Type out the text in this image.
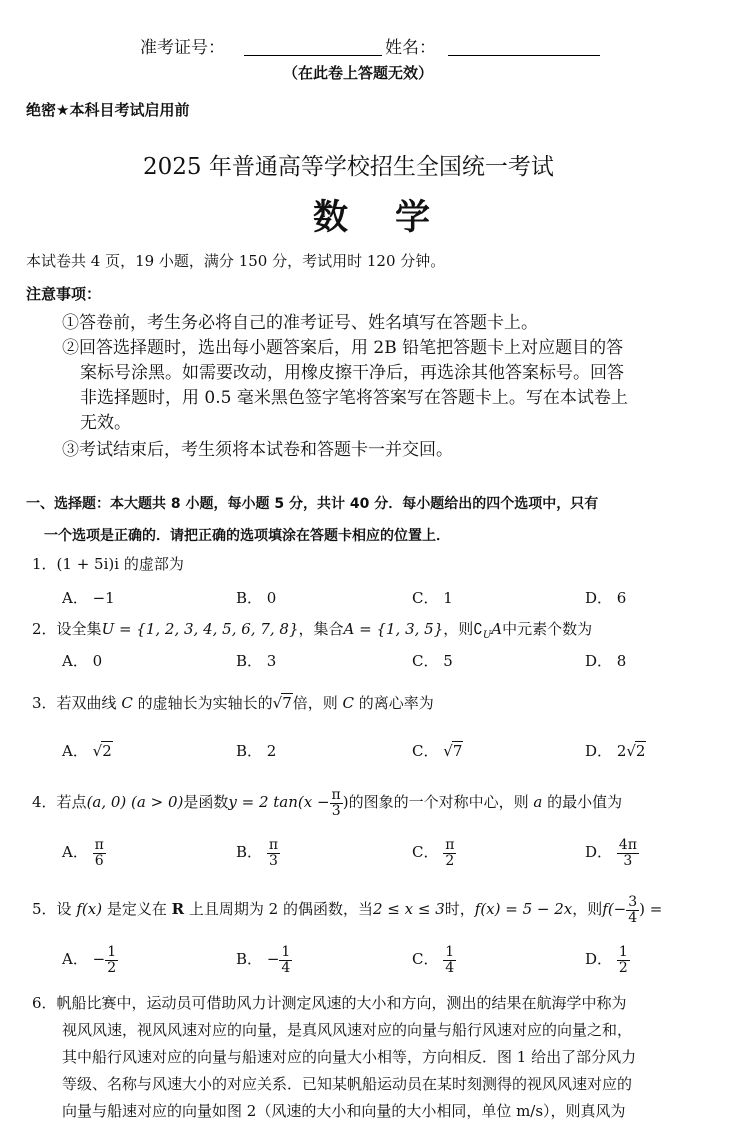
准考证号：	姓名：
（在此卷上答题无效）
绝密★本科目考试启用前
2025 年普通高等学校招生全国统一考试
数　学
本试卷共 4 页，19 小题，满分 150 分，考试用时 120 分钟。
注意事项：
①答卷前，考生务必将自己的准考证号、姓名填写在答题卡上。
②回答选择题时，选出每小题答案后，用 2B 铅笔把答题卡上对应题目的答
案标号涂黑。如需要改动，用橡皮擦干净后，再选涂其他答案标号。回答
非选择题时，用 0.5 毫米黑色签字笔将答案写在答题卡上。写在本试卷上
无效。
③考试结束后，考生须将本试卷和答题卡一并交回。
一、选择题：本大题共 8 小题，每小题 5 分，共计 40 分．每小题给出的四个选项中，只有
一个选项是正确的．请把正确的选项填涂在答题卡相应的位置上．
1．(1 + 5i)i 的虚部为
A． −1	B． 0	C． 1	D． 6
2．设全集U = {1, 2, 3, 4, 5, 6, 7, 8}，集合A = {1, 3, 5}，则$∁_UA$中元素个数为
A． 0	B． 3	C． 5	D． 8
3．若双曲线 C 的虚轴长为实轴长的√7倍，则 C 的离心率为
A． √2	B． 2	C． √7	D． 2√2
4．若点(a, 0) (a > 0)是函数y = 2 $\tan(x - \frac{\pi}{3}$ )的图象的一个对称中心，则 a 的最小值为
A． $\frac{\pi}{6}$	B． $\frac{\pi}{3}$	C． $\frac{\pi}{2}$	D． $\frac{4\pi}{3}$
5．设 f(x) 是定义在 R 上且周期为 2 的偶函数，当2 ≤ x ≤ 3时，f(x) = 5 − 2x，则$f(- \frac{3}{4}$ ) =
A． − $\frac{1}{2}$	B． − $\frac{1}{4}$	C． $\frac{1}{4}$	D． $\frac{1}{2}$
6．帆船比赛中，运动员可借助风力计测定风速的大小和方向，测出的结果在航海学中称为
视风风速，视风风速对应的向量，是真风风速对应的向量与船行风速对应的向量之和，
其中船行风速对应的向量与船速对应的向量大小相等，方向相反．图 1 给出了部分风力
等级、名称与风速大小的对应关系．已知某帆船运动员在某时刻测得的视风风速对应的
向量与船速对应的向量如图 2（风速的大小和向量的大小相同，单位 m/s），则真风为
